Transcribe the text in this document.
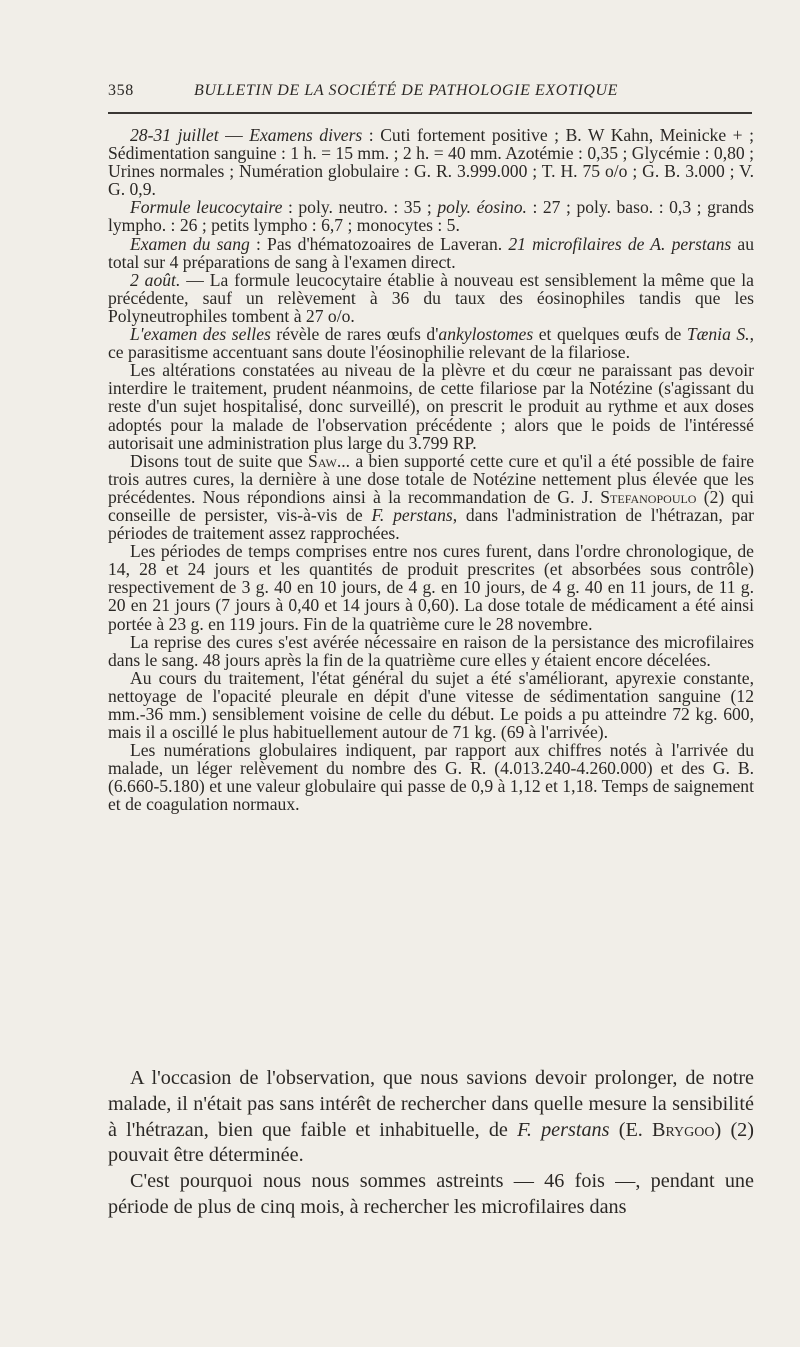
358	BULLETIN DE LA SOCIÉTÉ DE PATHOLOGIE EXOTIQUE

28-31 juillet — Examens divers : Cuti fortement positive ; B. W Kahn, Meinicke + ; Sédimentation sanguine : 1 h. = 15 mm. ; 2 h. = 40 mm. Azotémie : 0,35 ; Glycémie : 0,80 ; Urines normales ; Numération globulaire : G. R. 3.999.000 ; T. H. 75 o/o ; G. B. 3.000 ; V. G. 0,9.

Formule leucocytaire : poly. neutro. : 35 ; poly. éosino. : 27 ; poly. baso. : 0,3 ; grands lympho. : 26 ; petits lympho : 6,7 ; monocytes : 5.

Examen du sang : Pas d'hématozoaires de Laveran. 21 microfilaires de A. perstans au total sur 4 préparations de sang à l'examen direct.

2 août. — La formule leucocytaire établie à nouveau est sensiblement la même que la précédente, sauf un relèvement à 36 du taux des éosinophiles tandis que les Polyneutrophiles tombent à 27 o/o.

L'examen des selles révèle de rares œufs d'ankylostomes et quelques œufs de Tænia S., ce parasitisme accentuant sans doute l'éosinophilie relevant de la filariose.

Les altérations constatées au niveau de la plèvre et du cœur ne paraissant pas devoir interdire le traitement, prudent néanmoins, de cette filariose par la Notézine (s'agissant du reste d'un sujet hospitalisé, donc surveillé), on prescrit le produit au rythme et aux doses adoptés pour la malade de l'observation précédente ; alors que le poids de l'intéressé autorisait une administration plus large du 3.799 RP.

Disons tout de suite que Saw... a bien supporté cette cure et qu'il a été possible de faire trois autres cures, la dernière à une dose totale de Notézine nettement plus élevée que les précédentes. Nous répondions ainsi à la recommandation de G. J. Stefanopoulo (2) qui conseille de persister, vis-à-vis de F. perstans, dans l'administration de l'hétrazan, par périodes de traitement assez rapprochées.

Les périodes de temps comprises entre nos cures furent, dans l'ordre chronologique, de 14, 28 et 24 jours et les quantités de produit prescrites (et absorbées sous contrôle) respectivement de 3 g. 40 en 10 jours, de 4 g. en 10 jours, de 4 g. 40 en 11 jours, de 11 g. 20 en 21 jours (7 jours à 0,40 et 14 jours à 0,60). La dose totale de médicament a été ainsi portée à 23 g. en 119 jours. Fin de la quatrième cure le 28 novembre.

La reprise des cures s'est avérée nécessaire en raison de la persistance des microfilaires dans le sang. 48 jours après la fin de la quatrième cure elles y étaient encore décelées.

Au cours du traitement, l'état général du sujet a été s'améliorant, apyrexie constante, nettoyage de l'opacité pleurale en dépit d'une vitesse de sédimentation sanguine (12 mm.-36 mm.) sensiblement voisine de celle du début. Le poids a pu atteindre 72 kg. 600, mais il a oscillé le plus habituellement autour de 71 kg. (69 à l'arrivée).

Les numérations globulaires indiquent, par rapport aux chiffres notés à l'arrivée du malade, un léger relèvement du nombre des G. R. (4.013.240-4.260.000) et des G. B. (6.660-5.180) et une valeur globulaire qui passe de 0,9 à 1,12 et 1,18. Temps de saignement et de coagulation normaux.

A l'occasion de l'observation, que nous savions devoir prolonger, de notre malade, il n'était pas sans intérêt de rechercher dans quelle mesure la sensibilité à l'hétrazan, bien que faible et inhabituelle, de F. perstans (E. Brygoo) (2) pouvait être déterminée.

C'est pourquoi nous nous sommes astreints — 46 fois —, pendant une période de plus de cinq mois, à rechercher les microfilaires dans
